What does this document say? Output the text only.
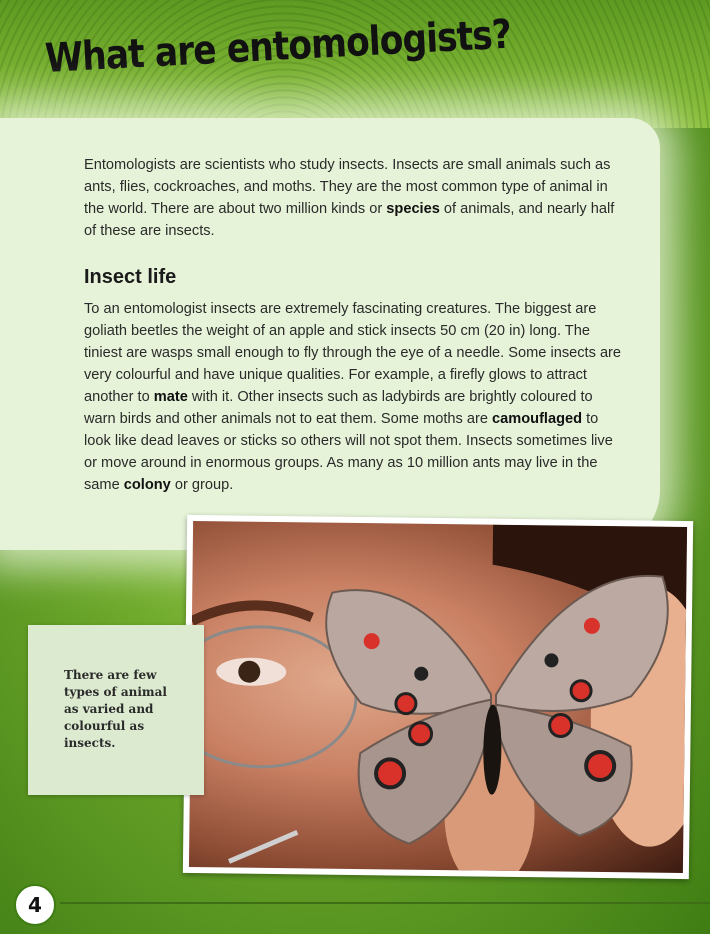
What are entomologists?

Entomologists are scientists who study insects. Insects are small animals such as ants, flies, cockroaches, and moths. They are the most common type of animal in the world. There are about two million kinds or species of animals, and nearly half of these are insects.

Insect life

To an entomologist insects are extremely fascinating creatures. The biggest are goliath beetles the weight of an apple and stick insects 50 cm (20 in) long. The tiniest are wasps small enough to fly through the eye of a needle. Some insects are very colourful and have unique qualities. For example, a firefly glows to attract another to mate with it. Other insects such as ladybirds are brightly coloured to warn birds and other animals not to eat them. Some moths are camouflaged to look like dead leaves or sticks so others will not spot them. Insects sometimes live or move around in enormous groups. As many as 10 million ants may live in the same colony or group.

There are few types of animal as varied and colourful as insects.

4
